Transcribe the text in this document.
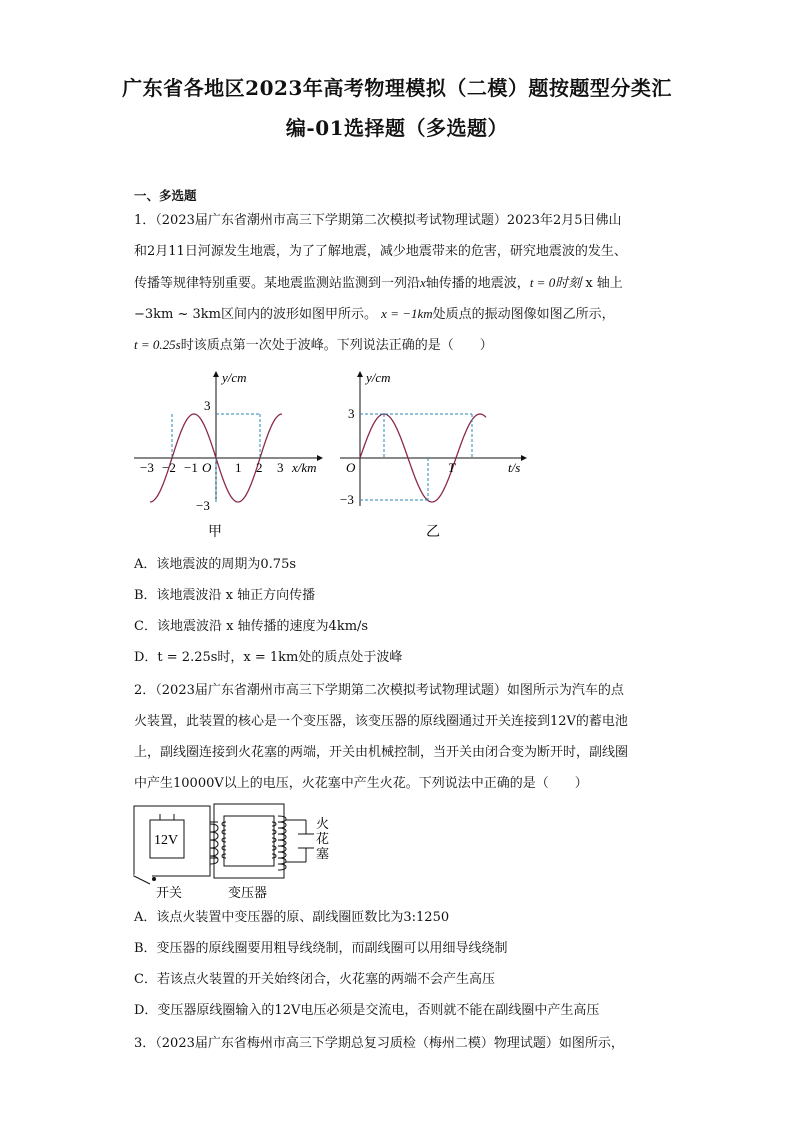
广东省各地区2023年高考物理模拟（二模）题按题型分类汇
编-01选择题（多选题）
一、多选题
1．（2023届广东省潮州市高三下学期第二次模拟考试物理试题）2023年2月5日佛山
和2月11日河源发生地震，为了了解地震，减少地震带来的危害，研究地震波的发生、
传播等规律特别重要。某地震监测站监测到一列沿x轴传播的地震波，t = 0时刻 x 轴上
−3km ~ 3km区间内的波形如图甲所示。 x = −1km处质点的振动图像如图乙所示，
t = 0.25s时该质点第一次处于波峰。下列说法正确的是（　　）
y/cm
3
−3
O
−3 −2 −1	1 2 3 x/km
甲
y/cm
3
−3
O	T	t/s
乙
A．该地震波的周期为0.75s
B．该地震波沿 x 轴正方向传播
C．该地震波沿 x 轴传播的速度为4km/s
D．t = 2.25s时，x = 1km处的质点处于波峰
2．（2023届广东省潮州市高三下学期第二次模拟考试物理试题）如图所示为汽车的点
火装置，此装置的核心是一个变压器，该变压器的原线圈通过开关连接到12V的蓄电池
上，副线圈连接到火花塞的两端，开关由机械控制，当开关由闭合变为断开时，副线圈
中产生10000V以上的电压，火花塞中产生火花。下列说法中正确的是（　　）
12V
火
花
塞
开关	变压器
A．该点火装置中变压器的原、副线圈匝数比为3:1250
B．变压器的原线圈要用粗导线绕制，而副线圈可以用细导线绕制
C．若该点火装置的开关始终闭合，火花塞的两端不会产生高压
D．变压器原线圈输入的12V电压必须是交流电，否则就不能在副线圈中产生高压
3．（2023届广东省梅州市高三下学期总复习质检（梅州二模）物理试题）如图所示，
